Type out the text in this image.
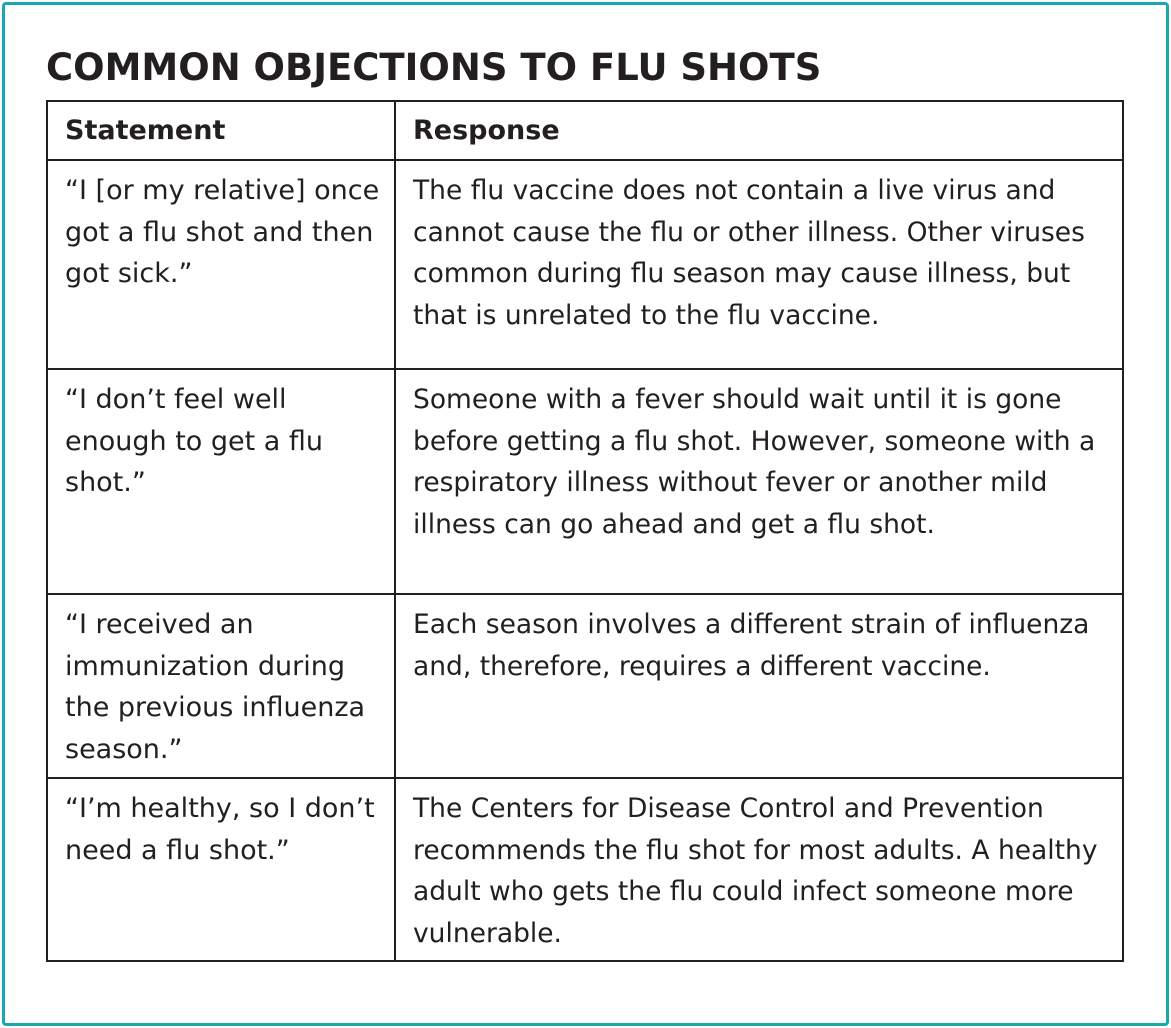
COMMON OBJECTIONS TO FLU SHOTS
Statement	Response
“I [or my relative] once got a flu shot and then got sick.”	The flu vaccine does not contain a live virus and cannot cause the flu or other illness. Other viruses common during flu season may cause illness, but that is unrelated to the flu vaccine.
“I don’t feel well enough to get a flu shot.”	Someone with a fever should wait until it is gone before getting a flu shot. However, someone with a respiratory illness without fever or another mild illness can go ahead and get a flu shot.
“I received an immunization during the previous influenza season.”	Each season involves a different strain of influenza and, therefore, requires a different vaccine.
“I’m healthy, so I don’t need a flu shot.”	The Centers for Disease Control and Prevention recommends the flu shot for most adults. A healthy adult who gets the flu could infect someone more vulnerable.
